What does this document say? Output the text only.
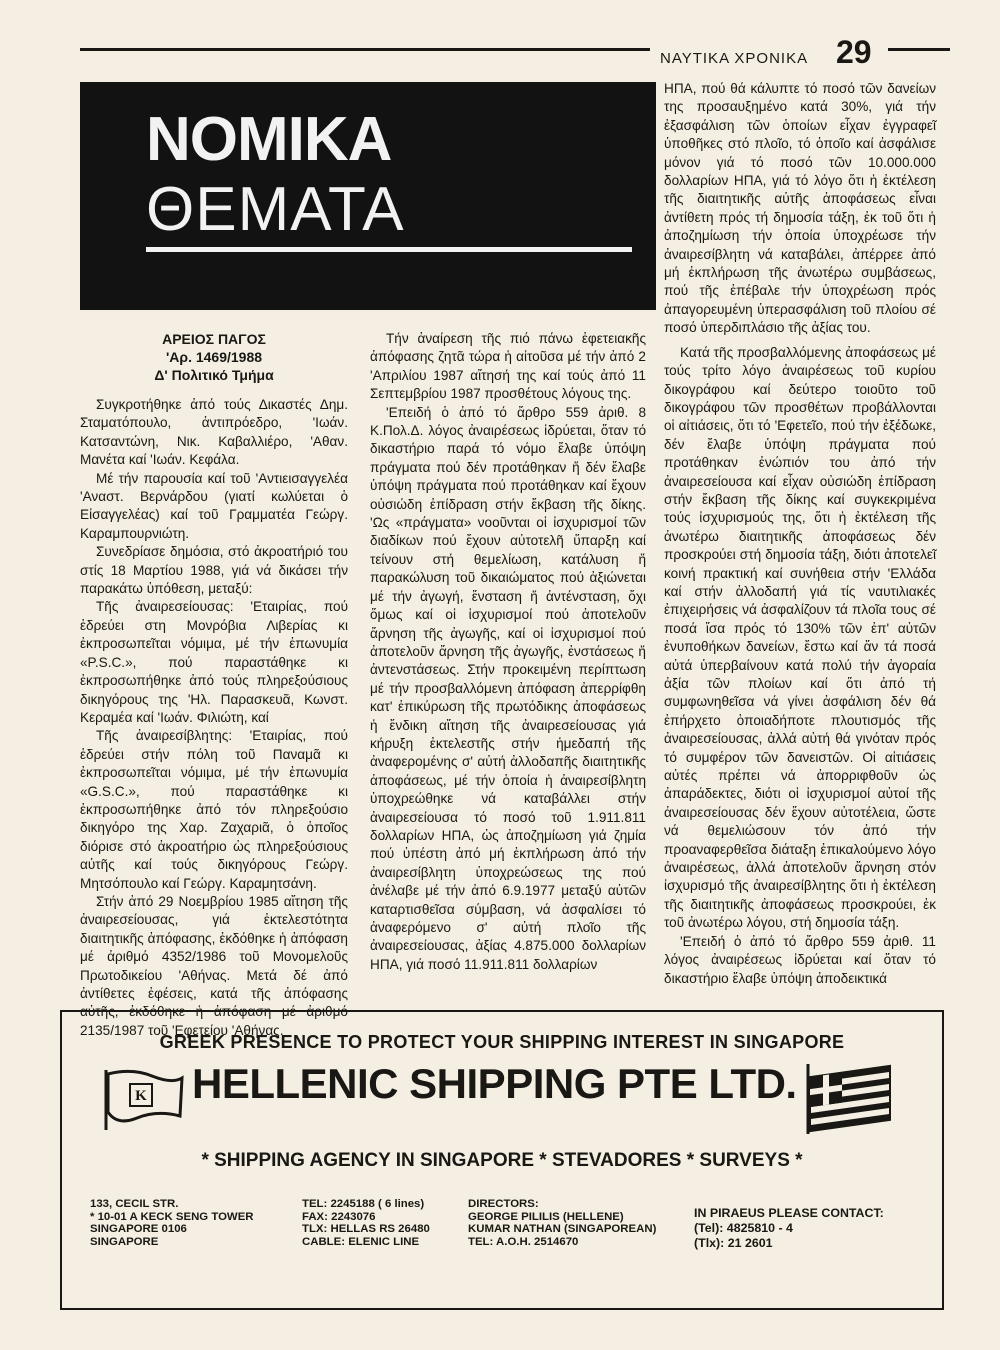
ΝΑΥΤΙΚΑ ΧΡΟΝΙΚΑ 29
ΝΟΜΙΚΑ
ΘΕΜΑΤΑ
ΑΡΕΙΟΣ ΠΑΓΟΣ
'Αρ. 1469/1988
Δ' Πολιτικό Τμήμα

Συγκροτήθηκε ἀπό τούς Δικαστές Δημ. Σταματόπουλο, ἀντιπρόεδρο, 'Ιωάν. Κατσαντώνη, Νικ. Καβαλλιέρο, 'Αθαν. Μανέτα καί 'Ιωάν. Κεφάλα.

Μέ τήν παρουσία καί τοῦ 'Αντιεισαγγελέα 'Αναστ. Βερνάρδου (γιατί κωλύεται ὁ Εἰσαγγελέας) καί τοῦ Γραμματέα Γεώργ. Καραμπουρνιώτη.

Συνεδρίασε δημόσια, στό ἀκροατήριό του στίς 18 Μαρτίου 1988, γιά νά δικάσει τήν παρακάτω ὑπόθεση, μεταξύ:

Τῆς ἀναιρεσείουσας: 'Εταιρίας, πού ἑδρεύει στη Μονρόβια Λιβερίας κι ἐκπροσωπεῖται νόμιμα, μέ τήν ἐπωνυμία «P.S.C.», πού παραστάθηκε κι ἐκπροσωπήθηκε ἀπό τούς πληρεξούσιους δικηγόρους της 'Ηλ. Παρασκευᾶ, Κωνστ. Κεραμέα καί 'Ιωάν. Φιλιώτη, καί

Τῆς ἀναιρεσίβλητης: 'Εταιρίας, πού ἑδρεύει στήν πόλη τοῦ Παναμᾶ κι ἐκπροσωπεῖται νόμιμα, μέ τήν ἐπωνυμία «G.S.C.», πού παραστάθηκε κι ἐκπροσωπήθηκε ἀπό τόν πληρεξούσιο δικηγόρο της Χαρ. Ζαχαριᾶ, ὁ ὁποῖος διόρισε στό ἀκροατήριο ὡς πληρεξούσιους αὐτῆς καί τούς δικηγόρους Γεώργ. Μητσόπουλο καί Γεώργ. Καραμητσάνη.

Στήν ἀπό 29 Νοεμβρίου 1985 αἴτηση τῆς ἀναιρεσείουσας, γιά ἐκτελεστότητα διαιτητικῆς ἀπόφασης, ἐκδόθηκε ἡ ἀπόφαση μέ ἀριθμό 4352/1986 τοῦ Μονομελοῦς Πρωτοδικείου 'Αθήνας. Μετά δέ ἀπό ἀντίθετες ἐφέσεις, κατά τῆς ἀπόφασης αὐτῆς, ἐκδόθηκε ἡ ἀπόφαση μέ ἀριθμό 2135/1987 τοῦ 'Εφετείου 'Αθήνας.

Τήν ἀναίρεση τῆς πιό πάνω ἐφετειακῆς ἀπόφασης ζητᾶ τώρα ἡ αἰτοῦσα μέ τήν ἀπό 2 'Απριλίου 1987 αἴτησή της καί τούς ἀπό 11 Σεπτεμβρίου 1987 προσθέτους λόγους της.

'Επειδή ὁ ἀπό τό ἄρθρο 559 ἀριθ. 8 Κ.Πολ.Δ. λόγος ἀναιρέσεως ἱδρύεται, ὅταν τό δικαστήριο παρά τό νόμο ἔλαβε ὑπόψη πράγματα πού δέν προτάθηκαν ἤ δέν ἔλαβε ὑπόψη πράγματα πού προτάθηκαν καί ἔχουν οὐσιώδη ἐπίδραση στήν ἔκβαση τῆς δίκης. 'Ως «πράγματα» νοοῦνται οἱ ἰσχυρισμοί τῶν διαδίκων πού ἔχουν αὐτοτελῆ ὕπαρξη καί τείνουν στή θεμελίωση, κατάλυση ἤ παρακώλυση τοῦ δικαιώματος πού ἀξιώνεται μέ τήν ἀγωγή, ἔνσταση ἤ ἀντένσταση, ὄχι ὅμως καί οἱ ἰσχυρισμοί πού ἀποτελοῦν ἄρνηση τῆς ἀγωγῆς, καί οἱ ἰσχυρισμοί πού ἀποτελοῦν ἄρνηση τῆς ἀγωγῆς, ἐνστάσεως ἤ ἀντενστάσεως. Στήν προκειμένη περίπτωση μέ τήν προσβαλλόμενη ἀπόφαση ἀπερρίφθη κατ' ἐπικύρωση τῆς πρωτόδικης ἀποφάσεως ἡ ἔνδικη αἴτηση τῆς ἀναιρεσείουσας γιά κήρυξη ἐκτελεστῆς στήν ἡμεδαπή τῆς ἀναφερομένης σ' αὐτή ἀλλοδαπῆς διαιτητικῆς ἀποφάσεως, μέ τήν ὁποία ἡ ἀναιρεσίβλητη ὑποχρεώθηκε νά καταβάλλει στήν ἀναιρεσείουσα τό ποσό τοῦ 1.911.811 δολλαρίων ΗΠΑ, ὡς ἀποζημίωση γιά ζημία πού ὑπέστη ἀπό μή ἐκπλήρωση ἀπό τήν ἀναιρεσίβλητη ὑποχρεώσεως της πού ἀνέλαβε μέ τήν ἀπό 6.9.1977 μεταξύ αὐτῶν καταρτισθεῖσα σύμβαση, νά ἀσφαλίσει τό ἀναφερόμενο σ' αὐτή πλοῖο τῆς ἀναιρεσείουσας, ἀξίας 4.875.000 δολλαρίων ΗΠΑ, γιά ποσό 11.911.811 δολλαρίων

ΗΠΑ, πού θά κάλυπτε τό ποσό τῶν δανείων της προσαυξημένο κατά 30%, γιά τήν ἐξασφάλιση τῶν ὁποίων εἶχαν ἐγγραφεῖ ὑποθῆκες στό πλοῖο, τό ὁποῖο καί ἀσφάλισε μόνον γιά τό ποσό τῶν 10.000.000 δολλαρίων ΗΠΑ, γιά τό λόγο ὅτι ἡ ἐκτέλεση τῆς διαιτητικῆς αὐτῆς ἀποφάσεως εἶναι ἀντίθετη πρός τή δημοσία τάξη, ἐκ τοῦ ὅτι ἡ ἀποζημίωση τήν ὁποία ὑποχρέωσε τήν ἀναιρεσίβλητη νά καταβάλει, ἀπέρρεε ἀπό μή ἐκπλήρωση τῆς ἀνωτέρω συμβάσεως, πού τῆς ἐπέβαλε τήν ὑποχρέωση πρός ἀπαγορευμένη ὑπερασφάλιση τοῦ πλοίου σέ ποσό ὑπερδιπλάσιο τῆς ἀξίας του.

Κατά τῆς προσβαλλόμενης ἀποφάσεως μέ τούς τρίτο λόγο ἀναιρέσεως τοῦ κυρίου δικογράφου καί δεύτερο τοιοῦτο τοῦ δικογράφου τῶν προσθέτων προβάλλονται οἱ αἰτιάσεις, ὅτι τό 'Εφετεῖο, πού τήν ἐξέδωκε, δέν ἔλαβε ὑπόψη πράγματα πού προτάθηκαν ἐνώπιόν του ἀπό τήν ἀναιρεσείουσα καί εἶχαν οὐσιώδη ἐπίδραση στήν ἔκβαση τῆς δίκης καί συγκεκριμένα τούς ἰσχυρισμούς της, ὅτι ἡ ἐκτέλεση τῆς ἀνωτέρω διαιτητικῆς ἀποφάσεως δέν προσκρούει στή δημοσία τάξη, διότι ἀποτελεῖ κοινή πρακτική καί συνήθεια στήν 'Ελλάδα καί στήν ἀλλοδαπή γιά τίς ναυτιλιακές ἐπιχειρήσεις νά ἀσφαλίζουν τά πλοῖα τους σέ ποσά ἴσα πρός τό 130% τῶν ἐπ' αὐτῶν ἐνυποθήκων δανείων, ἔστω καί ἄν τά ποσά αὐτά ὑπερβαίνουν κατά πολύ τήν ἀγοραία ἀξία τῶν πλοίων καί ὅτι ἀπό τή συμφωνηθεῖσα νά γίνει ἀσφάλιση δέν θά ἐπήρχετο ὁποιαδήποτε πλουτισμός τῆς ἀναιρεσείουσας, ἀλλά αὐτή θά γινόταν πρός τό συμφέρον τῶν δανειστῶν. Οἱ αἰτιάσεις αὐτές πρέπει νά ἀπορριφθοῦν ὡς ἀπαράδεκτες, διότι οἱ ἰσχυρισμοί αὐτοί τῆς ἀναιρεσείουσας δέν ἔχουν αὐτοτέλεια, ὥστε νά θεμελιώσουν τόν ἀπό τήν προαναφερθεῖσα διάταξη ἐπικαλούμενο λόγο ἀναιρέσεως, ἀλλά ἀποτελοῦν ἄρνηση στόν ἰσχυρισμό τῆς ἀναιρεσίβλητης ὅτι ἡ ἐκτέλεση τῆς διαιτητικῆς ἀποφάσεως προσκρούει, ἐκ τοῦ ἀνωτέρω λόγου, στή δημοσία τάξη.

'Επειδή ὁ ἀπό τό ἄρθρο 559 ἀριθ. 11 λόγος ἀναιρέσεως ἱδρύεται καί ὅταν τό δικαστήριο ἔλαβε ὑπόψη ἀποδεικτικά

GREEK PRESENCE TO PROTECT YOUR SHIPPING INTEREST IN SINGAPORE
K HELLENIC SHIPPING PTE LTD.
* SHIPPING AGENCY IN SINGAPORE * STEVADORES * SURVEYS *
133, CECIL STR.
* 10-01 A KECK SENG TOWER
SINGAPORE 0106
SINGAPORE
TEL: 2245188 ( 6 lines)
FAX: 2243076
TLX: HELLAS RS 26480
CABLE: ELENIC LINE
DIRECTORS:
GEORGE PILILIS (HELLENE)
KUMAR NATHAN (SINGAPOREAN)
TEL: A.O.H. 2514670
IN PIRAEUS PLEASE CONTACT:
(Tel): 4825810 - 4
(Tlx): 21 2601
